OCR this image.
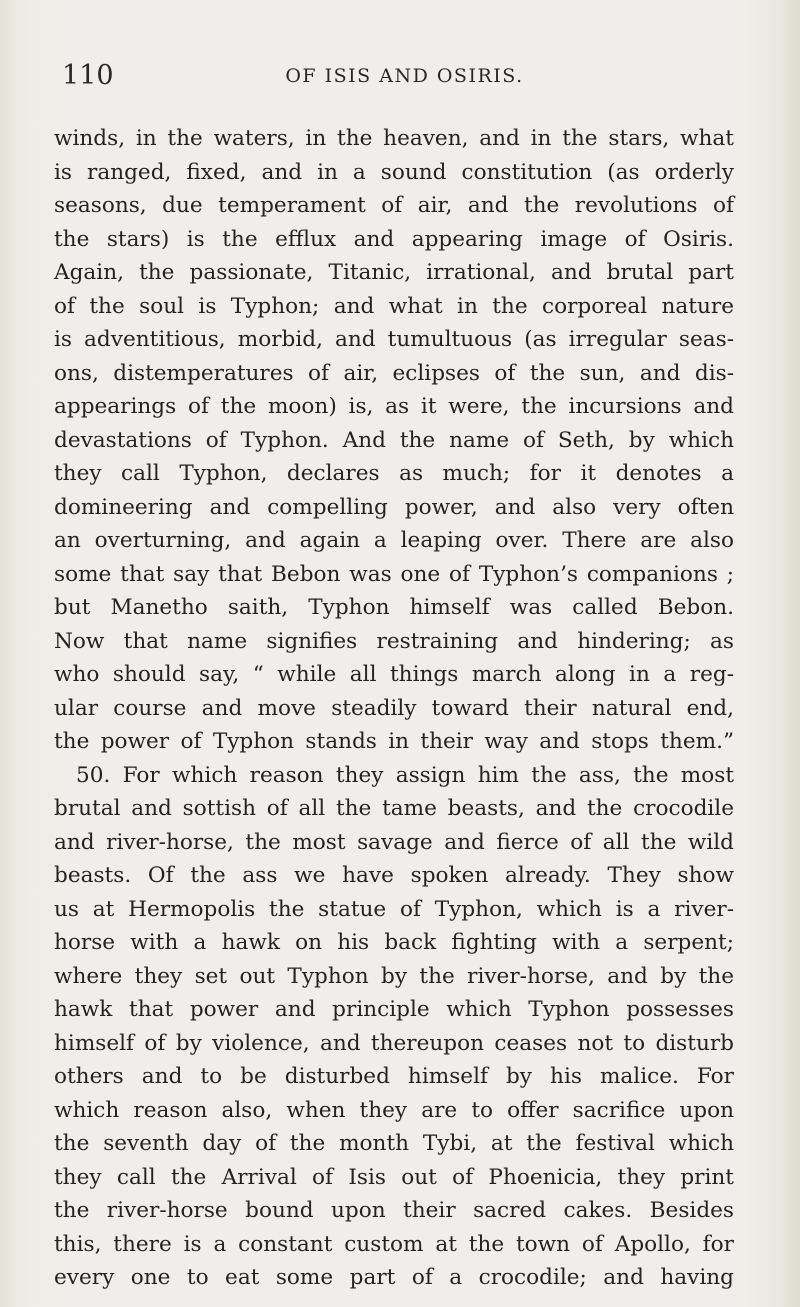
110	OF ISIS AND OSIRIS.
winds, in the waters, in the heaven, and in the stars, what
is ranged, fixed, and in a sound constitution (as orderly
seasons, due temperament of air, and the revolutions of
the stars) is the efflux and appearing image of Osiris.
Again, the passionate, Titanic, irrational, and brutal part
of the soul is Typhon; and what in the corporeal nature
is adventitious, morbid, and tumultuous (as irregular seas-
ons, distemperatures of air, eclipses of the sun, and dis-
appearings of the moon) is, as it were, the incursions and
devastations of Typhon. And the name of Seth, by which
they call Typhon, declares as much; for it denotes a
domineering and compelling power, and also very often
an overturning, and again a leaping over. There are also
some that say that Bebon was one of Typhon’s companions ;
but Manetho saith, Typhon himself was called Bebon.
Now that name signifies restraining and hindering; as
who should say, “ while all things march along in a reg-
ular course and move steadily toward their natural end,
the power of Typhon stands in their way and stops them.”
50. For which reason they assign him the ass, the most
brutal and sottish of all the tame beasts, and the crocodile
and river-horse, the most savage and fierce of all the wild
beasts. Of the ass we have spoken already. They show
us at Hermopolis the statue of Typhon, which is a river-
horse with a hawk on his back fighting with a serpent;
where they set out Typhon by the river-horse, and by the
hawk that power and principle which Typhon possesses
himself of by violence, and thereupon ceases not to disturb
others and to be disturbed himself by his malice. For
which reason also, when they are to offer sacrifice upon
the seventh day of the month Tybi, at the festival which
they call the Arrival of Isis out of Phoenicia, they print
the river-horse bound upon their sacred cakes. Besides
this, there is a constant custom at the town of Apollo, for
every one to eat some part of a crocodile; and having
